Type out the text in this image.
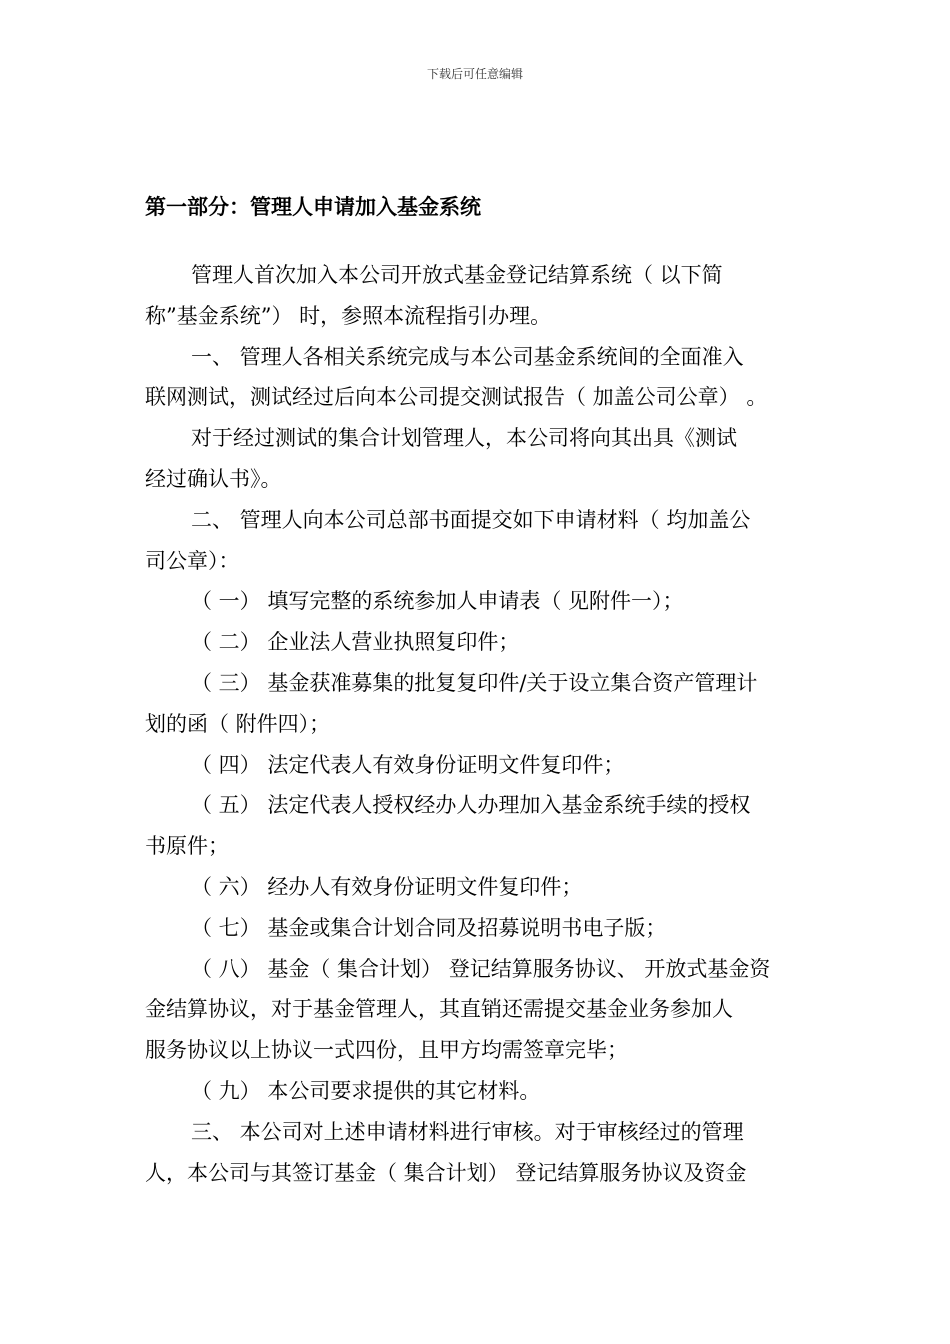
下载后可任意编辑
第一部分：管理人申请加入基金系统
管理人首次加入本公司开放式基金登记结算系统（ 以下简
称”基金系统”） 时，参照本流程指引办理。
一、 管理人各相关系统完成与本公司基金系统间的全面准入
联网测试，测试经过后向本公司提交测试报告（ 加盖公司公章） 。
对于经过测试的集合计划管理人，本公司将向其出具《测试
经过确认书》。
二、 管理人向本公司总部书面提交如下申请材料（ 均加盖公
司公章）：
（ 一） 填写完整的系统参加人申请表（ 见附件一）；
（ 二） 企业法人营业执照复印件；
（ 三） 基金获准募集的批复复印件/关于设立集合资产管理计
划的函（ 附件四）；
（ 四） 法定代表人有效身份证明文件复印件；
（ 五） 法定代表人授权经办人办理加入基金系统手续的授权
书原件；
（ 六） 经办人有效身份证明文件复印件；
（ 七） 基金或集合计划合同及招募说明书电子版；
（ 八） 基金（ 集合计划） 登记结算服务协议、 开放式基金资
金结算协议，对于基金管理人，其直销还需提交基金业务参加人
服务协议以上协议一式四份，且甲方均需签章完毕；
（ 九） 本公司要求提供的其它材料。
三、 本公司对上述申请材料进行审核。对于审核经过的管理
人，本公司与其签订基金（ 集合计划） 登记结算服务协议及资金
